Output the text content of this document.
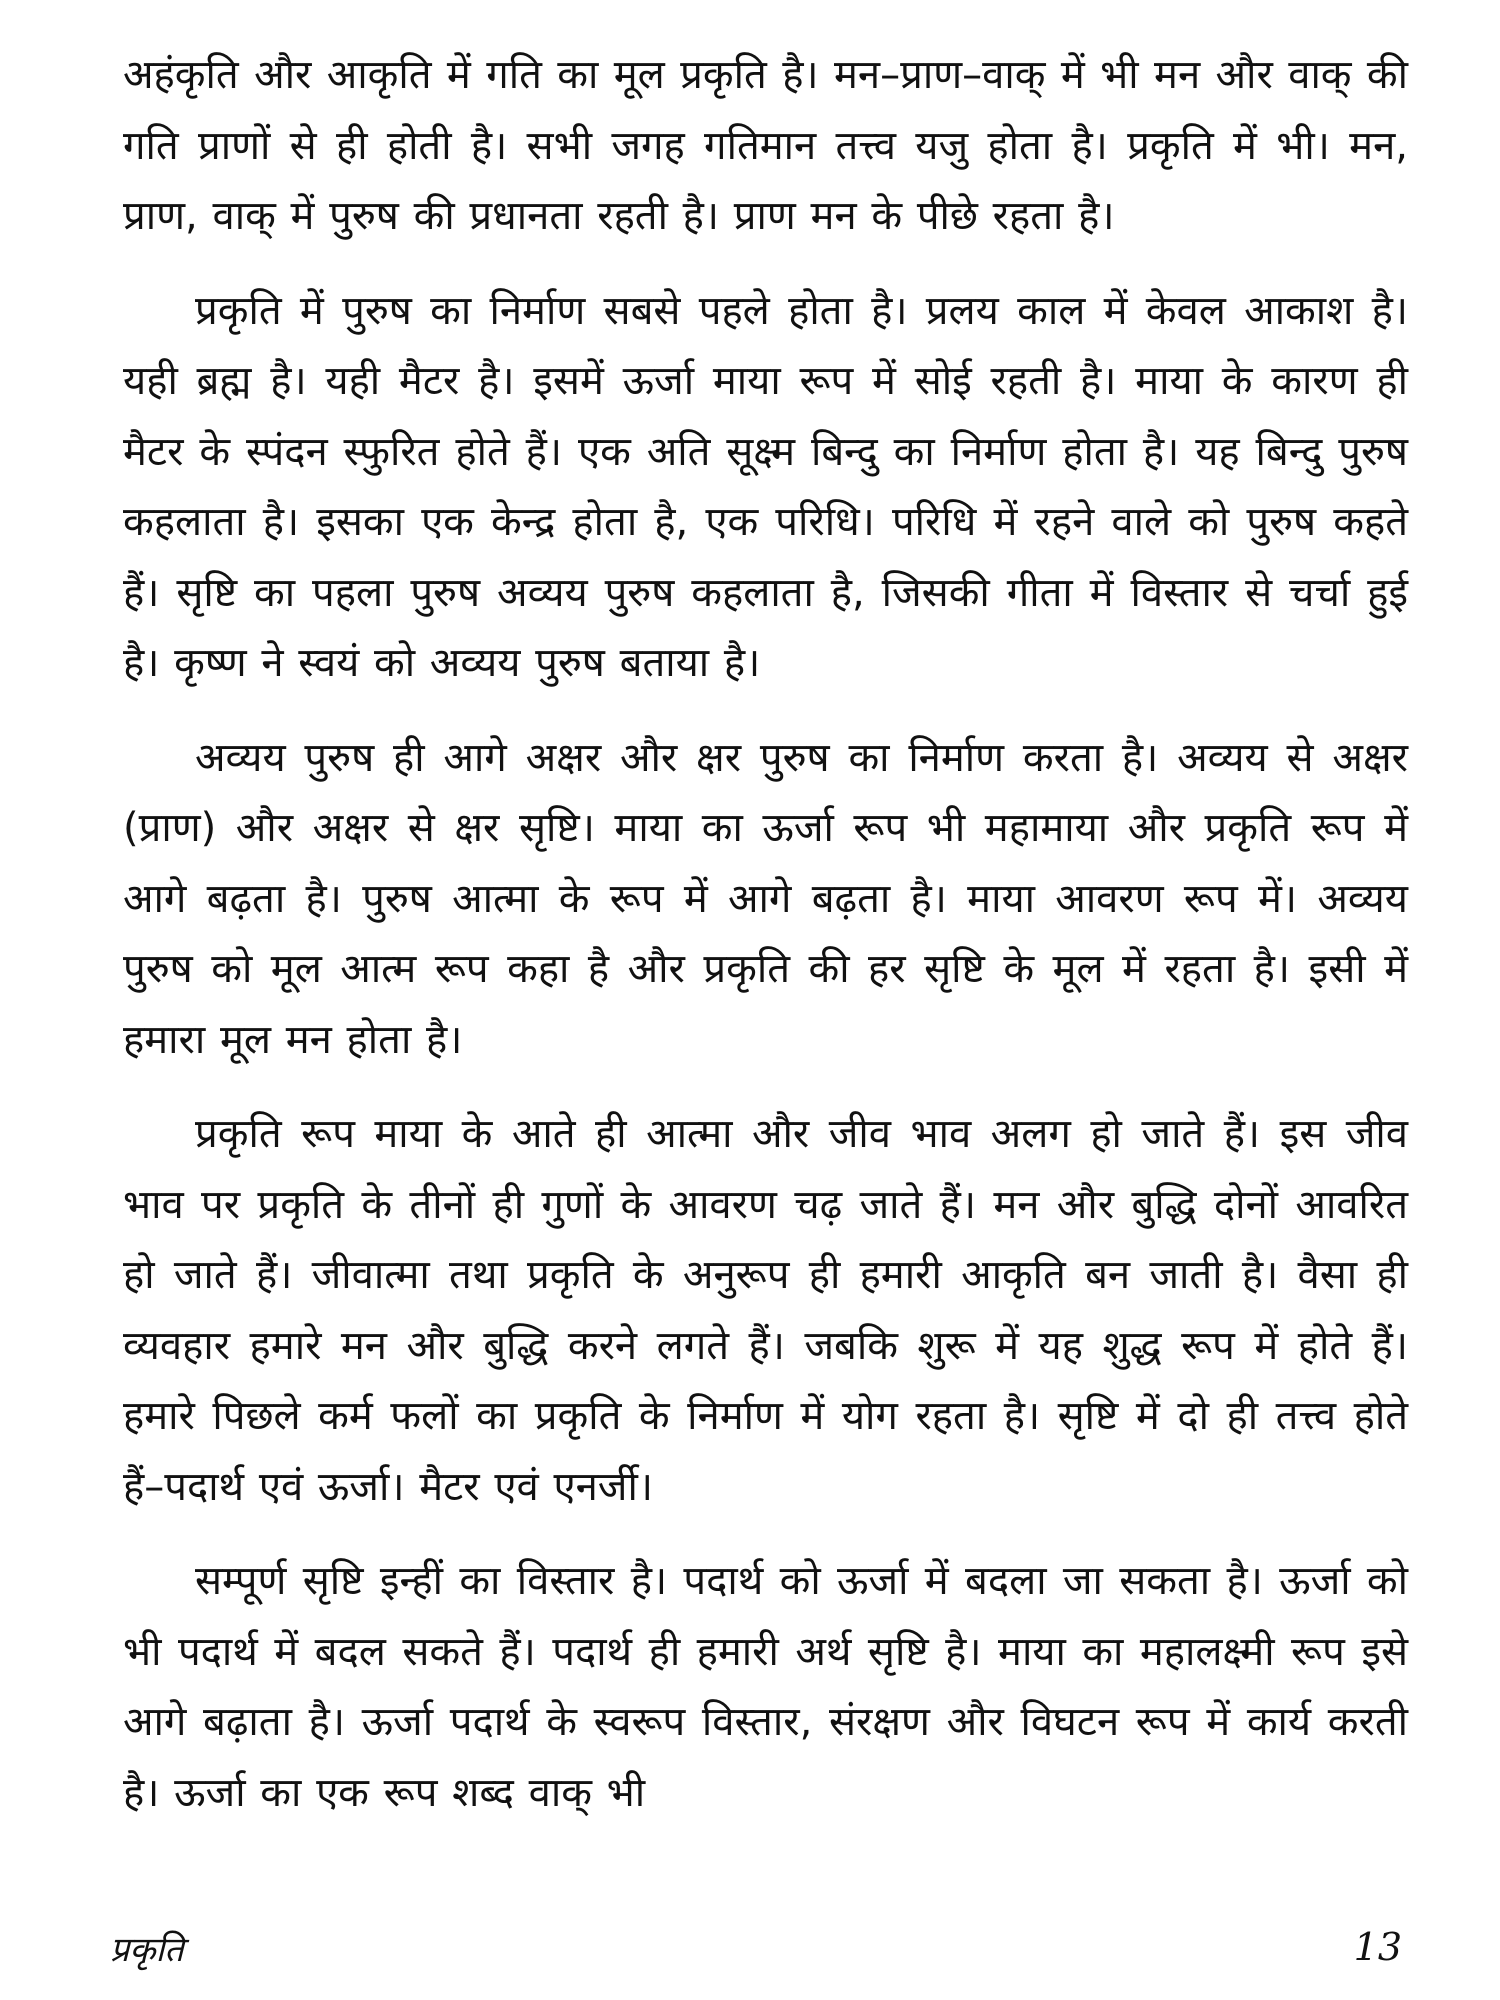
अहंकृति और आकृति में गति का मूल प्रकृति है। मन–प्राण–वाक् में भी मन और वाक् की गति प्राणों से ही होती है। सभी जगह गतिमान तत्त्व यजु होता है। प्रकृति में भी। मन, प्राण, वाक् में पुरुष की प्रधानता रहती है। प्राण मन के पीछे रहता है।

प्रकृति में पुरुष का निर्माण सबसे पहले होता है। प्रलय काल में केवल आकाश है। यही ब्रह्म है। यही मैटर है। इसमें ऊर्जा माया रूप में सोई रहती है। माया के कारण ही मैटर के स्पंदन स्फुरित होते हैं। एक अति सूक्ष्म बिन्दु का निर्माण होता है। यह बिन्दु पुरुष कहलाता है। इसका एक केन्द्र होता है, एक परिधि। परिधि में रहने वाले को पुरुष कहते हैं। सृष्टि का पहला पुरुष अव्यय पुरुष कहलाता है, जिसकी गीता में विस्तार से चर्चा हुई है। कृष्ण ने स्वयं को अव्यय पुरुष बताया है।

अव्यय पुरुष ही आगे अक्षर और क्षर पुरुष का निर्माण करता है। अव्यय से अक्षर (प्राण) और अक्षर से क्षर सृष्टि। माया का ऊर्जा रूप भी महामाया और प्रकृति रूप में आगे बढ़ता है। पुरुष आत्मा के रूप में आगे बढ़ता है। माया आवरण रूप में। अव्यय पुरुष को मूल आत्म रूप कहा है और प्रकृति की हर सृष्टि के मूल में रहता है। इसी में हमारा मूल मन होता है।

प्रकृति रूप माया के आते ही आत्मा और जीव भाव अलग हो जाते हैं। इस जीव भाव पर प्रकृति के तीनों ही गुणों के आवरण चढ़ जाते हैं। मन और बुद्धि दोनों आवरित हो जाते हैं। जीवात्मा तथा प्रकृति के अनुरूप ही हमारी आकृति बन जाती है। वैसा ही व्यवहार हमारे मन और बुद्धि करने लगते हैं। जबकि शुरू में यह शुद्ध रूप में होते हैं। हमारे पिछले कर्म फलों का प्रकृति के निर्माण में योग रहता है। सृष्टि में दो ही तत्त्व होते हैं–पदार्थ एवं ऊर्जा। मैटर एवं एनर्जी।

सम्पूर्ण सृष्टि इन्हीं का विस्तार है। पदार्थ को ऊर्जा में बदला जा सकता है। ऊर्जा को भी पदार्थ में बदल सकते हैं। पदार्थ ही हमारी अर्थ सृष्टि है। माया का महालक्ष्मी रूप इसे आगे बढ़ाता है। ऊर्जा पदार्थ के स्वरूप विस्तार, संरक्षण और विघटन रूप में कार्य करती है। ऊर्जा का एक रूप शब्द वाक् भी

प्रकृति	13
